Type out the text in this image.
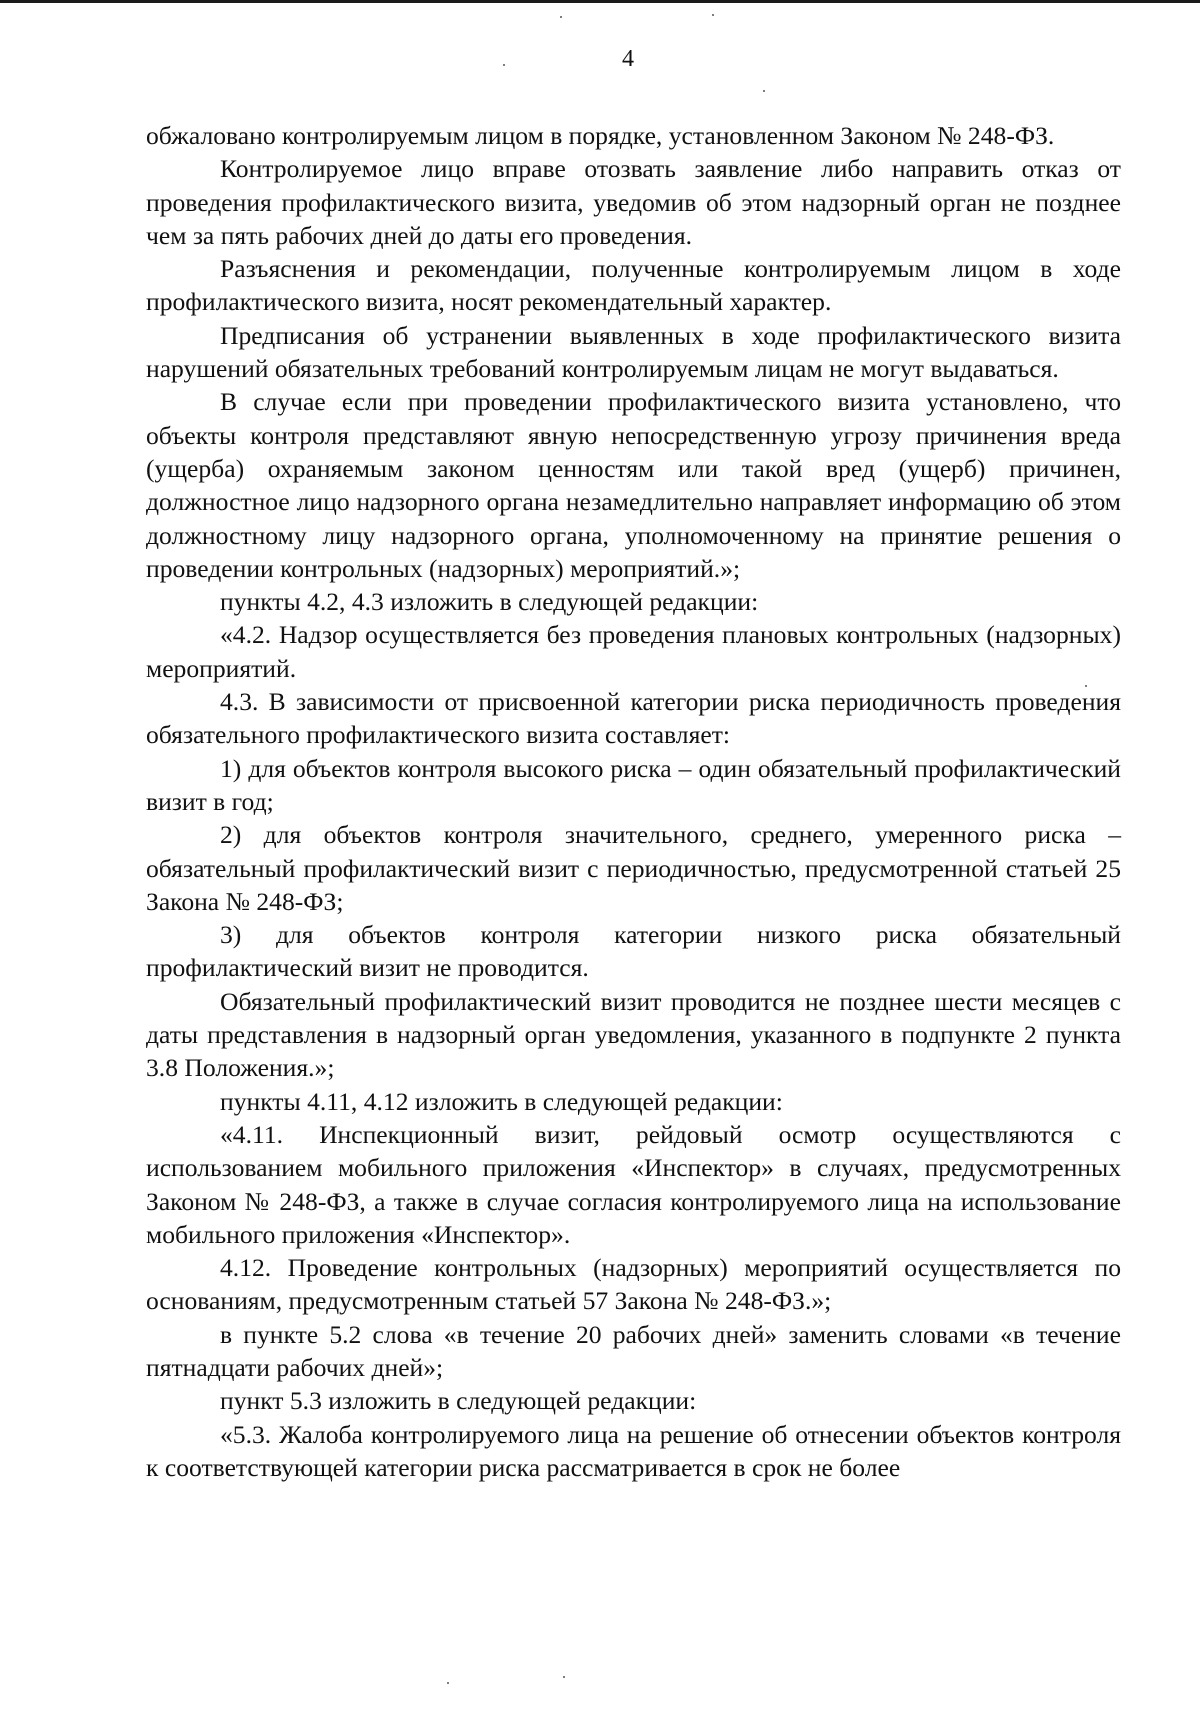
4

обжаловано контролируемым лицом в порядке, установленном Законом № 248-ФЗ.

Контролируемое лицо вправе отозвать заявление либо направить отказ от проведения профилактического визита, уведомив об этом надзорный орган не позднее чем за пять рабочих дней до даты его проведения.

Разъяснения и рекомендации, полученные контролируемым лицом в ходе профилактического визита, носят рекомендательный характер.

Предписания об устранении выявленных в ходе профилактического визита нарушений обязательных требований контролируемым лицам не могут выдаваться.

В случае если при проведении профилактического визита установлено, что объекты контроля представляют явную непосредственную угрозу причинения вреда (ущерба) охраняемым законом ценностям или такой вред (ущерб) причинен, должностное лицо надзорного органа незамедлительно направляет информацию об этом должностному лицу надзорного органа, уполномоченному на принятие решения о проведении контрольных (надзорных) мероприятий.»;

пункты 4.2, 4.3 изложить в следующей редакции:

«4.2. Надзор осуществляется без проведения плановых контрольных (надзорных) мероприятий.

4.3. В зависимости от присвоенной категории риска периодичность проведения обязательного профилактического визита составляет:

1) для объектов контроля высокого риска – один обязательный профилактический визит в год;

2) для объектов контроля значительного, среднего, умеренного риска – обязательный профилактический визит с периодичностью, предусмотренной статьей 25 Закона № 248-ФЗ;

3) для объектов контроля категории низкого риска обязательный профилактический визит не проводится.

Обязательный профилактический визит проводится не позднее шести месяцев с даты представления в надзорный орган уведомления, указанного в подпункте 2 пункта 3.8 Положения.»;

пункты 4.11, 4.12 изложить в следующей редакции:

«4.11. Инспекционный визит, рейдовый осмотр осуществляются с использованием мобильного приложения «Инспектор» в случаях, предусмотренных Законом № 248-ФЗ, а также в случае согласия контролируемого лица на использование мобильного приложения «Инспектор».

4.12. Проведение контрольных (надзорных) мероприятий осуществляется по основаниям, предусмотренным статьей 57 Закона № 248-ФЗ.»;

в пункте 5.2 слова «в течение 20 рабочих дней» заменить словами «в течение пятнадцати рабочих дней»;

пункт 5.3 изложить в следующей редакции:

«5.3. Жалоба контролируемого лица на решение об отнесении объектов контроля к соответствующей категории риска рассматривается в срок не более
